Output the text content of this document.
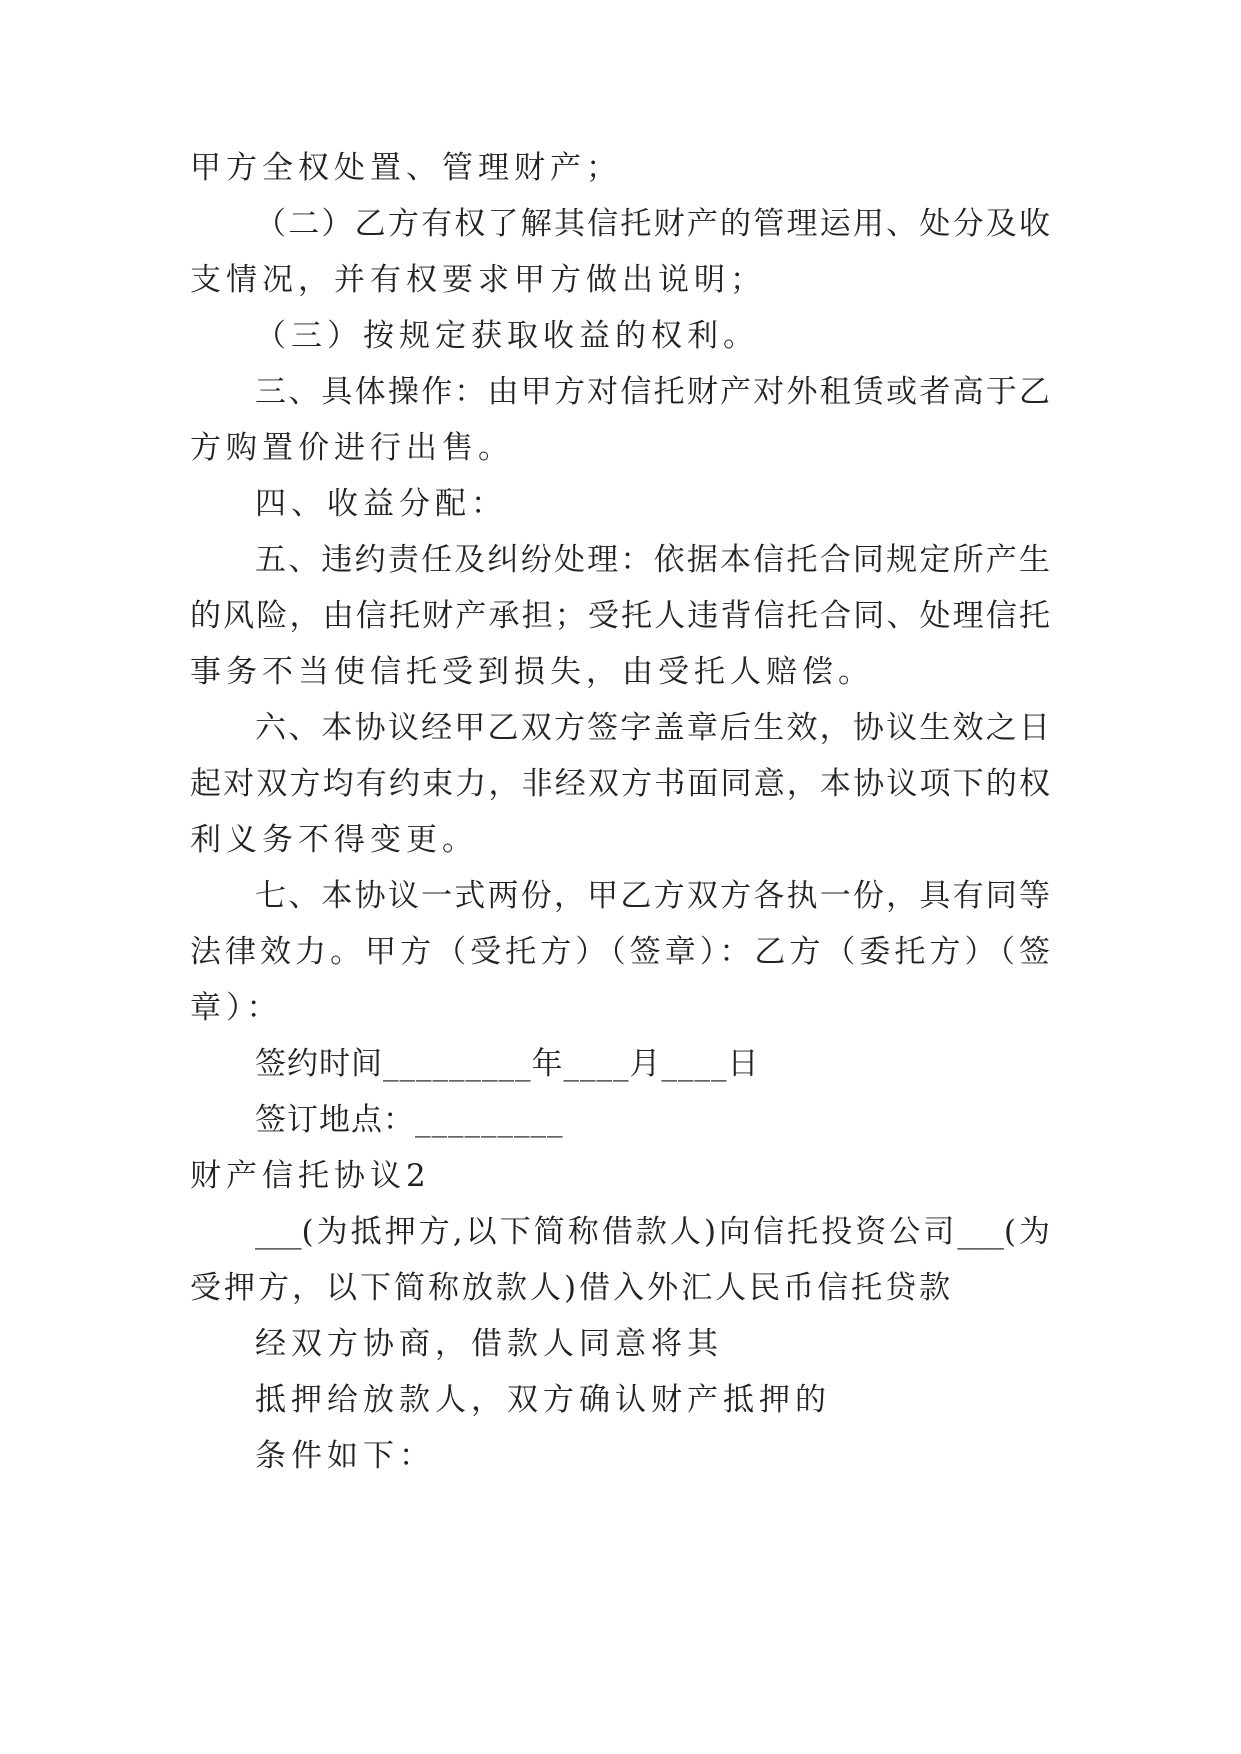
甲方全权处置、管理财产；
（二）乙方有权了解其信托财产的管理运用、处分及收
支情况，并有权要求甲方做出说明；
（三）按规定获取收益的权利。
三、具体操作：由甲方对信托财产对外租赁或者高于乙
方购置价进行出售。
四、收益分配：
五、违约责任及纠纷处理：依据本信托合同规定所产生
的风险，由信托财产承担；受托人违背信托合同、处理信托
事务不当使信托受到损失，由受托人赔偿。
六、本协议经甲乙双方签字盖章后生效，协议生效之日
起对双方均有约束力，非经双方书面同意，本协议项下的权
利义务不得变更。
七、本协议一式两份，甲乙方双方各执一份，具有同等
法律效力。甲方（受托方）（签章）：乙方（委托方）（签
章）：
签约时间_________年____月____日
签订地点：_________
财产信托协议2
___(为抵押方,以下简称借款人)向信托投资公司___(为
受押方，以下简称放款人)借入外汇人民币信托贷款
经双方协商，借款人同意将其
抵押给放款人，双方确认财产抵押的
条件如下：
